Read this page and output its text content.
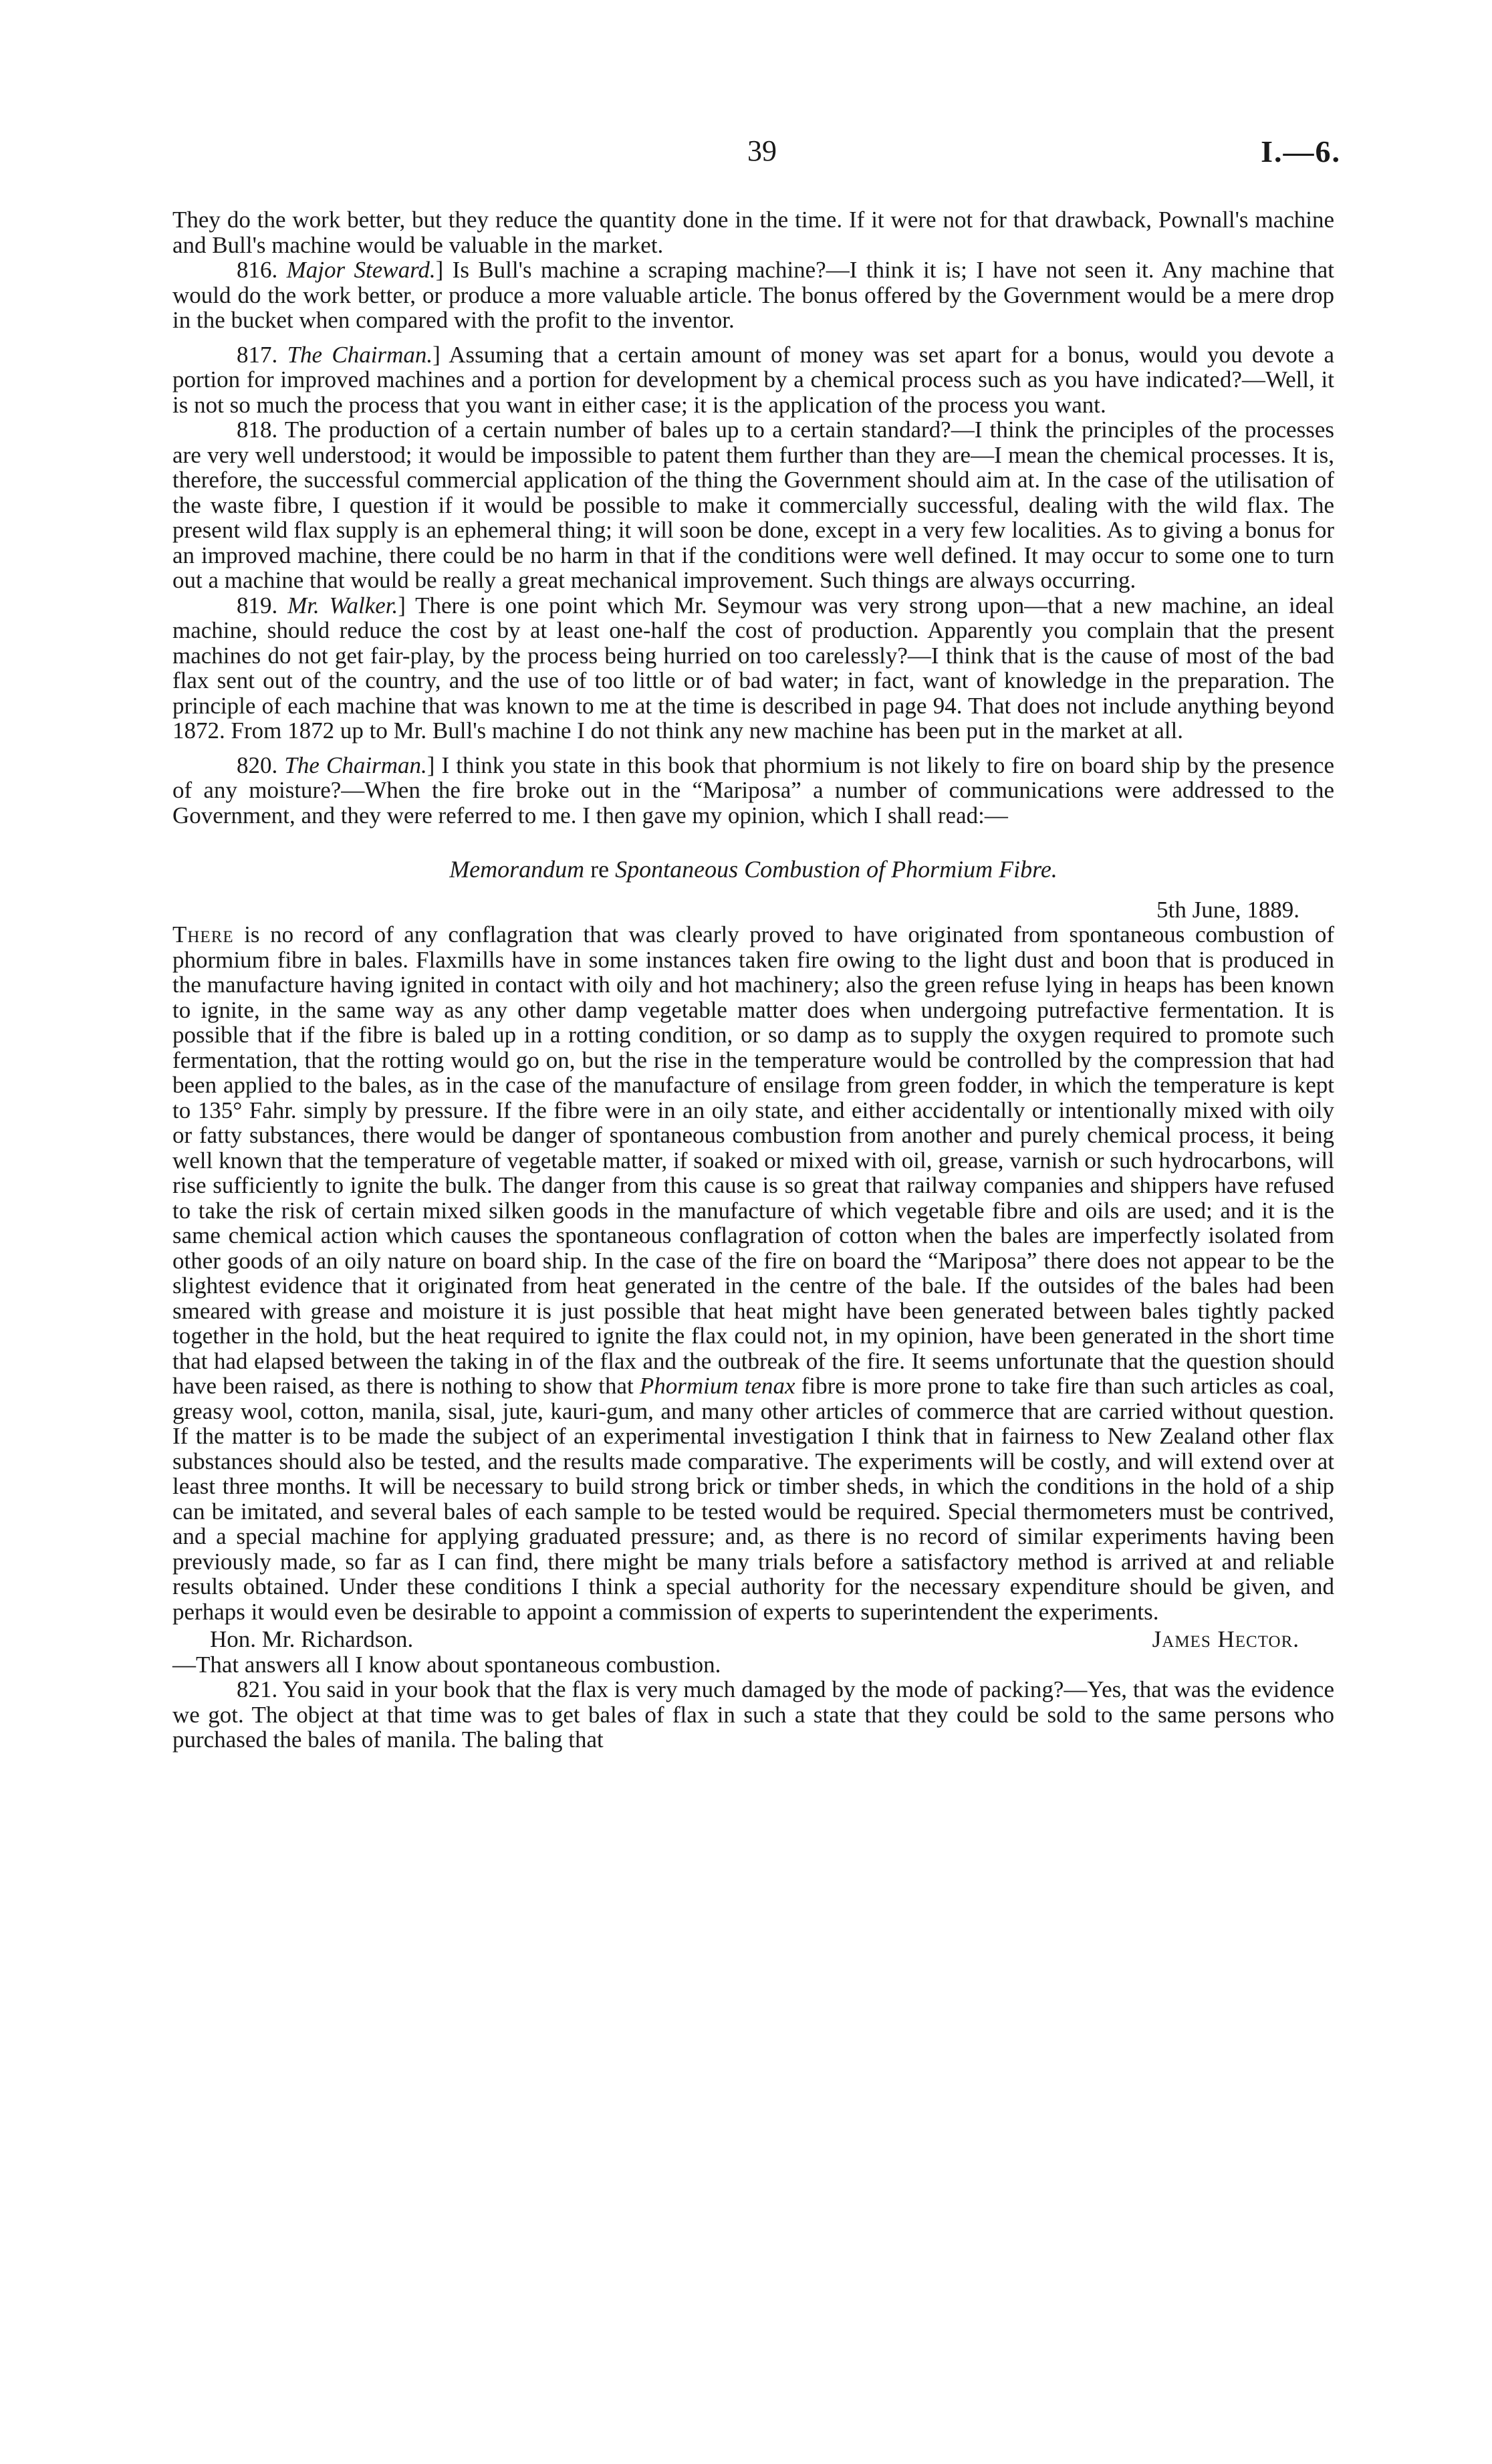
39	I.—6.

They do the work better, but they reduce the quantity done in the time. If it were not for that drawback, Pownall's machine and Bull's machine would be valuable in the market.

816. Major Steward.] Is Bull's machine a scraping machine?—I think it is; I have not seen it. Any machine that would do the work better, or produce a more valuable article. The bonus offered by the Government would be a mere drop in the bucket when compared with the profit to the inventor.

817. The Chairman.] Assuming that a certain amount of money was set apart for a bonus, would you devote a portion for improved machines and a portion for development by a chemical process such as you have indicated?—Well, it is not so much the process that you want in either case; it is the application of the process you want.

818. The production of a certain number of bales up to a certain standard?—I think the principles of the processes are very well understood; it would be impossible to patent them further than they are—I mean the chemical processes. It is, therefore, the successful commercial application of the thing the Government should aim at. In the case of the utilisation of the waste fibre, I question if it would be possible to make it commercially successful, dealing with the wild flax. The present wild flax supply is an ephemeral thing; it will soon be done, except in a very few localities. As to giving a bonus for an improved machine, there could be no harm in that if the conditions were well defined. It may occur to some one to turn out a machine that would be really a great mechanical improvement. Such things are always occurring.

819. Mr. Walker.] There is one point which Mr. Seymour was very strong upon—that a new machine, an ideal machine, should reduce the cost by at least one-half the cost of production. Apparently you complain that the present machines do not get fair-play, by the process being hurried on too carelessly?—I think that is the cause of most of the bad flax sent out of the country, and the use of too little or of bad water; in fact, want of knowledge in the preparation. The principle of each machine that was known to me at the time is described in page 94. That does not include anything beyond 1872. From 1872 up to Mr. Bull's machine I do not think any new machine has been put in the market at all.

820. The Chairman.] I think you state in this book that phormium is not likely to fire on board ship by the presence of any moisture?—When the fire broke out in the “Mariposa” a number of communications were addressed to the Government, and they were referred to me. I then gave my opinion, which I shall read:—

Memorandum re Spontaneous Combustion of Phormium Fibre.

5th June, 1889.

There is no record of any conflagration that was clearly proved to have originated from spontaneous combustion of phormium fibre in bales. Flaxmills have in some instances taken fire owing to the light dust and boon that is produced in the manufacture having ignited in contact with oily and hot machinery; also the green refuse lying in heaps has been known to ignite, in the same way as any other damp vegetable matter does when undergoing putrefactive fermentation. It is possible that if the fibre is baled up in a rotting condition, or so damp as to supply the oxygen required to promote such fermentation, that the rotting would go on, but the rise in the temperature would be controlled by the compression that had been applied to the bales, as in the case of the manufacture of ensilage from green fodder, in which the temperature is kept to 135° Fahr. simply by pressure. If the fibre were in an oily state, and either accidentally or intentionally mixed with oily or fatty substances, there would be danger of spontaneous combustion from another and purely chemical process, it being well known that the temperature of vegetable matter, if soaked or mixed with oil, grease, varnish or such hydrocarbons, will rise sufficiently to ignite the bulk. The danger from this cause is so great that railway companies and shippers have refused to take the risk of certain mixed silken goods in the manufacture of which vegetable fibre and oils are used; and it is the same chemical action which causes the spontaneous conflagration of cotton when the bales are imperfectly isolated from other goods of an oily nature on board ship. In the case of the fire on board the “Mariposa” there does not appear to be the slightest evidence that it originated from heat generated in the centre of the bale. If the outsides of the bales had been smeared with grease and moisture it is just possible that heat might have been generated between bales tightly packed together in the hold, but the heat required to ignite the flax could not, in my opinion, have been generated in the short time that had elapsed between the taking in of the flax and the outbreak of the fire. It seems unfortunate that the question should have been raised, as there is nothing to show that Phormium tenax fibre is more prone to take fire than such articles as coal, greasy wool, cotton, manila, sisal, jute, kauri-gum, and many other articles of commerce that are carried without question. If the matter is to be made the subject of an experimental investigation I think that in fairness to New Zealand other flax substances should also be tested, and the results made comparative. The experiments will be costly, and will extend over at least three months. It will be necessary to build strong brick or timber sheds, in which the conditions in the hold of a ship can be imitated, and several bales of each sample to be tested would be required. Special thermometers must be contrived, and a special machine for applying graduated pressure; and, as there is no record of similar experiments having been previously made, so far as I can find, there might be many trials before a satisfactory method is arrived at and reliable results obtained. Under these conditions I think a special authority for the necessary expenditure should be given, and perhaps it would even be desirable to appoint a commission of experts to superintendent the experiments.

Hon. Mr. Richardson.	James Hector.

—That answers all I know about spontaneous combustion.

821. You said in your book that the flax is very much damaged by the mode of packing?—Yes, that was the evidence we got. The object at that time was to get bales of flax in such a state that they could be sold to the same persons who purchased the bales of manila. The baling that
